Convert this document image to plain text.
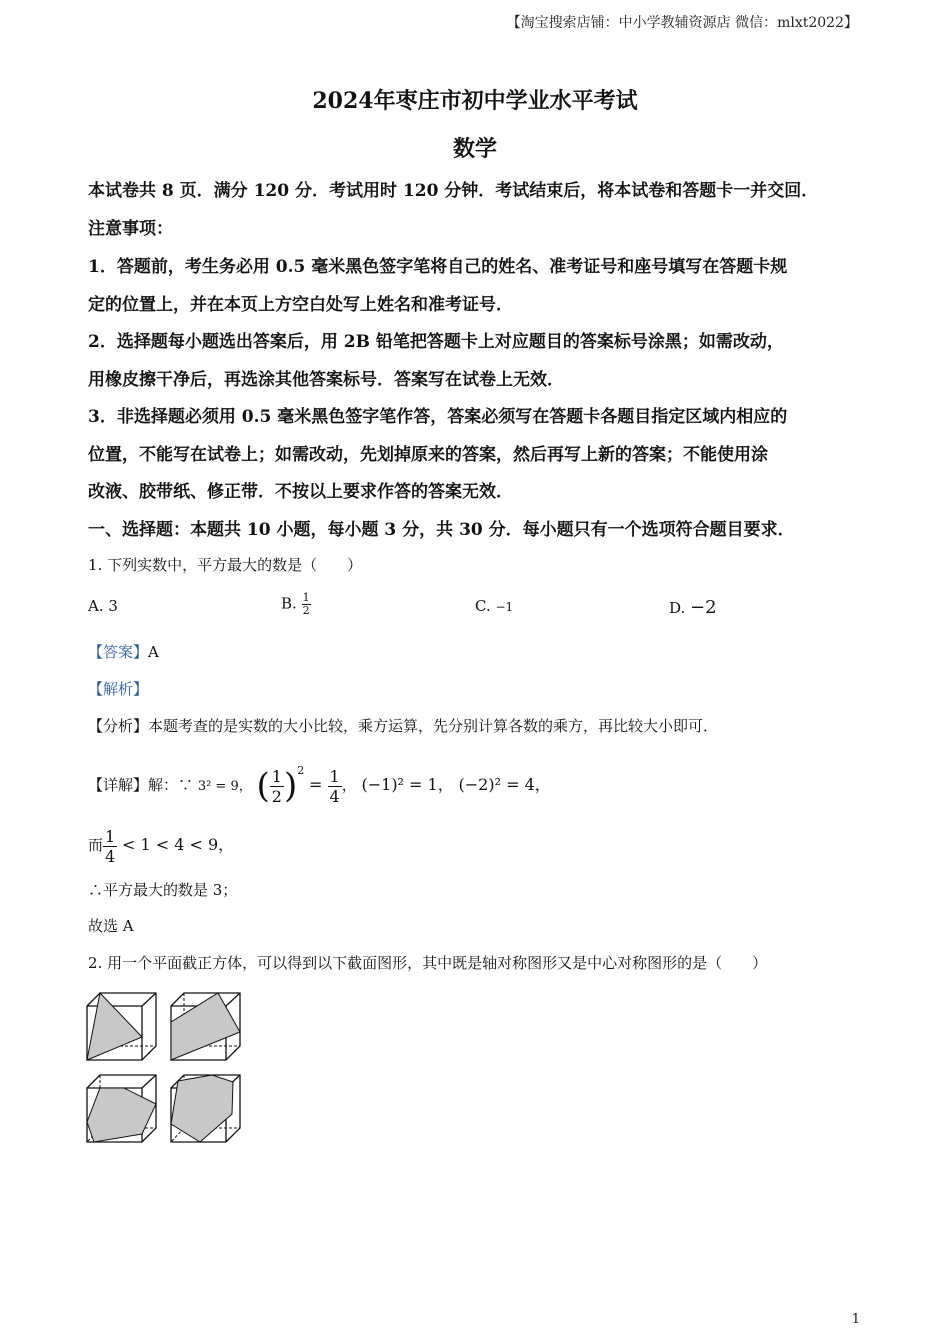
【淘宝搜索店铺：中小学教辅资源店 微信：mlxt2022】
2024年枣庄市初中学业水平考试
数学
本试卷共 8 页．满分 120 分．考试用时 120 分钟．考试结束后，将本试卷和答题卡一并交回．
注意事项：
1．答题前，考生务必用 0.5 毫米黑色签字笔将自己的姓名、准考证号和座号填写在答题卡规
定的位置上，并在本页上方空白处写上姓名和准考证号．
2．选择题每小题选出答案后，用 2B 铅笔把答题卡上对应题目的答案标号涂黑；如需改动，
用橡皮擦干净后，再选涂其他答案标号．答案写在试卷上无效．
3．非选择题必须用 0.5 毫米黑色签字笔作答，答案必须写在答题卡各题目指定区域内相应的
位置，不能写在试卷上；如需改动，先划掉原来的答案，然后再写上新的答案；不能使用涂
改液、胶带纸、修正带．不按以上要求作答的答案无效．
一、选择题：本题共 10 小题，每小题 3 分，共 30 分．每小题只有一个选项符合题目要求．
1. 下列实数中，平方最大的数是（　　）
A. 3	B. $\frac{1}{2}$	C. −1	D. −2
【答案】A
【解析】
【分析】本题考查的是实数的大小比较，乘方运算，先分别计算各数的乘方，再比较大小即可．
【详解】解：∵ 3² = 9， ( $\frac{1}{2} )^2 = \frac{1}{4}$ ， (−1)² = 1， (−2)² = 4，
而 $\frac{1}{4} < 1 < 4 < 9$，
∴平方最大的数是 3；
故选 A
2. 用一个平面截正方体，可以得到以下截面图形，其中既是轴对称图形又是中心对称图形的是（　　）
1
